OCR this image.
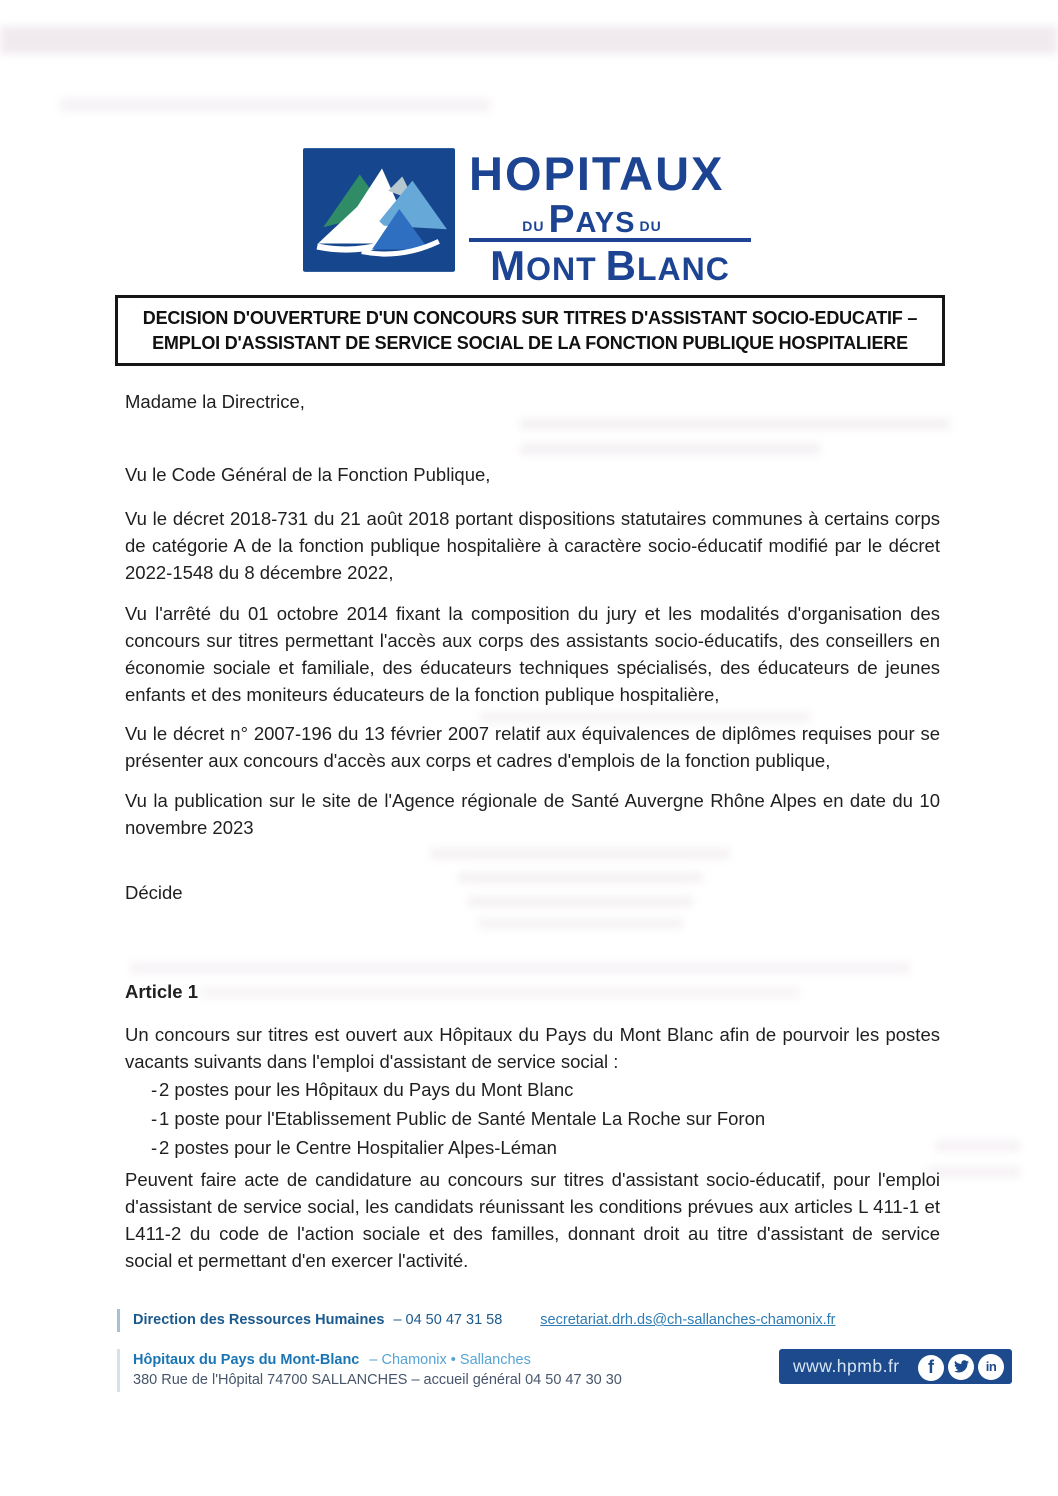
HOPITAUX
DU PAYS DU
MONT BLANC
DECISION D'OUVERTURE D'UN CONCOURS SUR TITRES D'ASSISTANT SOCIO-EDUCATIF –
EMPLOI D'ASSISTANT DE SERVICE SOCIAL DE LA FONCTION PUBLIQUE HOSPITALIERE

Madame la Directrice,

Vu le Code Général de la Fonction Publique,

Vu le décret 2018-731 du 21 août 2018 portant dispositions statutaires communes à certains corps de catégorie A de la fonction publique hospitalière à caractère socio-éducatif modifié par le décret 2022-1548 du 8 décembre 2022,

Vu l'arrêté du 01 octobre 2014 fixant la composition du jury et les modalités d'organisation des concours sur titres permettant l'accès aux corps des assistants socio-éducatifs, des conseillers en économie sociale et familiale, des éducateurs techniques spécialisés, des éducateurs de jeunes enfants et des moniteurs éducateurs de la fonction publique hospitalière,

Vu le décret n° 2007-196 du 13 février 2007 relatif aux équivalences de diplômes requises pour se présenter aux concours d'accès aux corps et cadres d'emplois de la fonction publique,

Vu la publication sur le site de l'Agence régionale de Santé Auvergne Rhône Alpes en date du 10 novembre 2023

Décide

Article 1

Un concours sur titres est ouvert aux Hôpitaux du Pays du Mont Blanc afin de pourvoir les postes vacants suivants dans l'emploi d'assistant de service social :

- 2 postes pour les Hôpitaux du Pays du Mont Blanc
- 1 poste pour l'Etablissement Public de Santé Mentale La Roche sur Foron
- 2 postes pour le Centre Hospitalier Alpes-Léman

Peuvent faire acte de candidature au concours sur titres d'assistant socio-éducatif, pour l'emploi d'assistant de service social, les candidats réunissant les conditions prévues aux articles L 411-1 et L411-2 du code de l'action sociale et des familles, donnant droit au titre d'assistant de service social et permettant d'en exercer l'activité.

Direction des Ressources Humaines – 04 50 47 31 58	secretariat.drh.ds@ch-sallanches-chamonix.fr
Hôpitaux du Pays du Mont-Blanc – Chamonix • Sallanches
380 Rue de l'Hôpital 74700 SALLANCHES – accueil général 04 50 47 30 30
www.hpmb.fr	f	in
